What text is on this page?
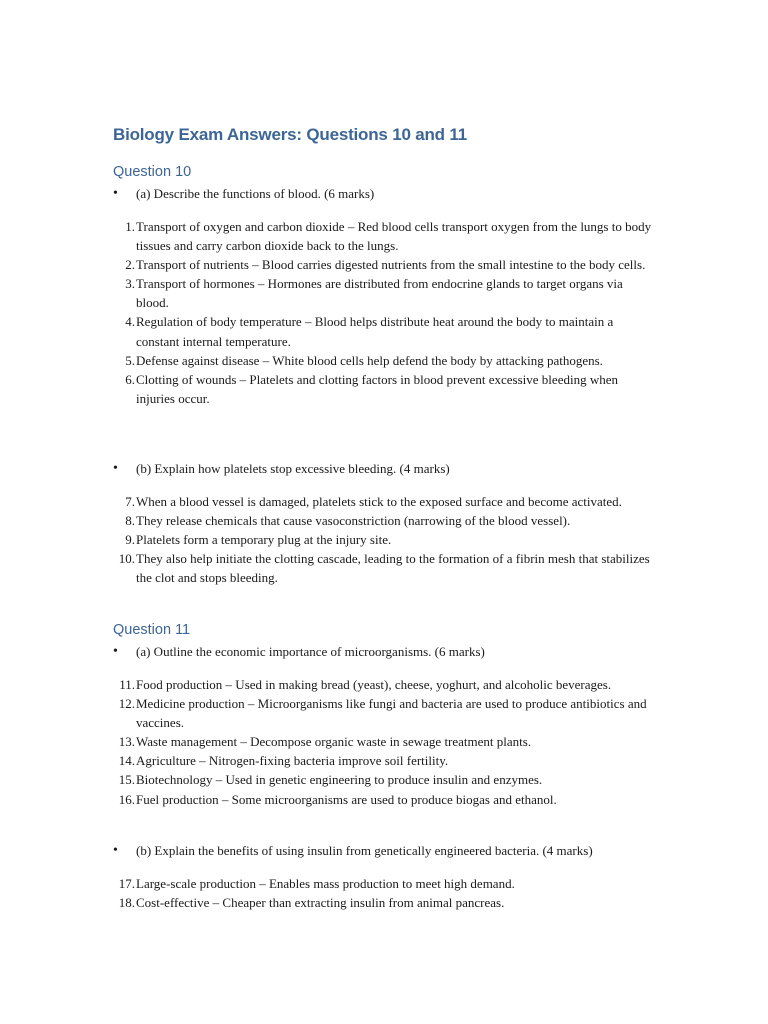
Biology Exam Answers: Questions 10 and 11
Question 10
• (a) Describe the functions of blood. (6 marks)
1. Transport of oxygen and carbon dioxide – Red blood cells transport oxygen from the lungs to body tissues and carry carbon dioxide back to the lungs.
2. Transport of nutrients – Blood carries digested nutrients from the small intestine to the body cells.
3. Transport of hormones – Hormones are distributed from endocrine glands to target organs via blood.
4. Regulation of body temperature – Blood helps distribute heat around the body to maintain a constant internal temperature.
5. Defense against disease – White blood cells help defend the body by attacking pathogens.
6. Clotting of wounds – Platelets and clotting factors in blood prevent excessive bleeding when injuries occur.
• (b) Explain how platelets stop excessive bleeding. (4 marks)
7. When a blood vessel is damaged, platelets stick to the exposed surface and become activated.
8. They release chemicals that cause vasoconstriction (narrowing of the blood vessel).
9. Platelets form a temporary plug at the injury site.
10. They also help initiate the clotting cascade, leading to the formation of a fibrin mesh that stabilizes the clot and stops bleeding.
Question 11
• (a) Outline the economic importance of microorganisms. (6 marks)
11. Food production – Used in making bread (yeast), cheese, yoghurt, and alcoholic beverages.
12. Medicine production – Microorganisms like fungi and bacteria are used to produce antibiotics and vaccines.
13. Waste management – Decompose organic waste in sewage treatment plants.
14. Agriculture – Nitrogen-fixing bacteria improve soil fertility.
15. Biotechnology – Used in genetic engineering to produce insulin and enzymes.
16. Fuel production – Some microorganisms are used to produce biogas and ethanol.
• (b) Explain the benefits of using insulin from genetically engineered bacteria. (4 marks)
17. Large-scale production – Enables mass production to meet high demand.
18. Cost-effective – Cheaper than extracting insulin from animal pancreas.
